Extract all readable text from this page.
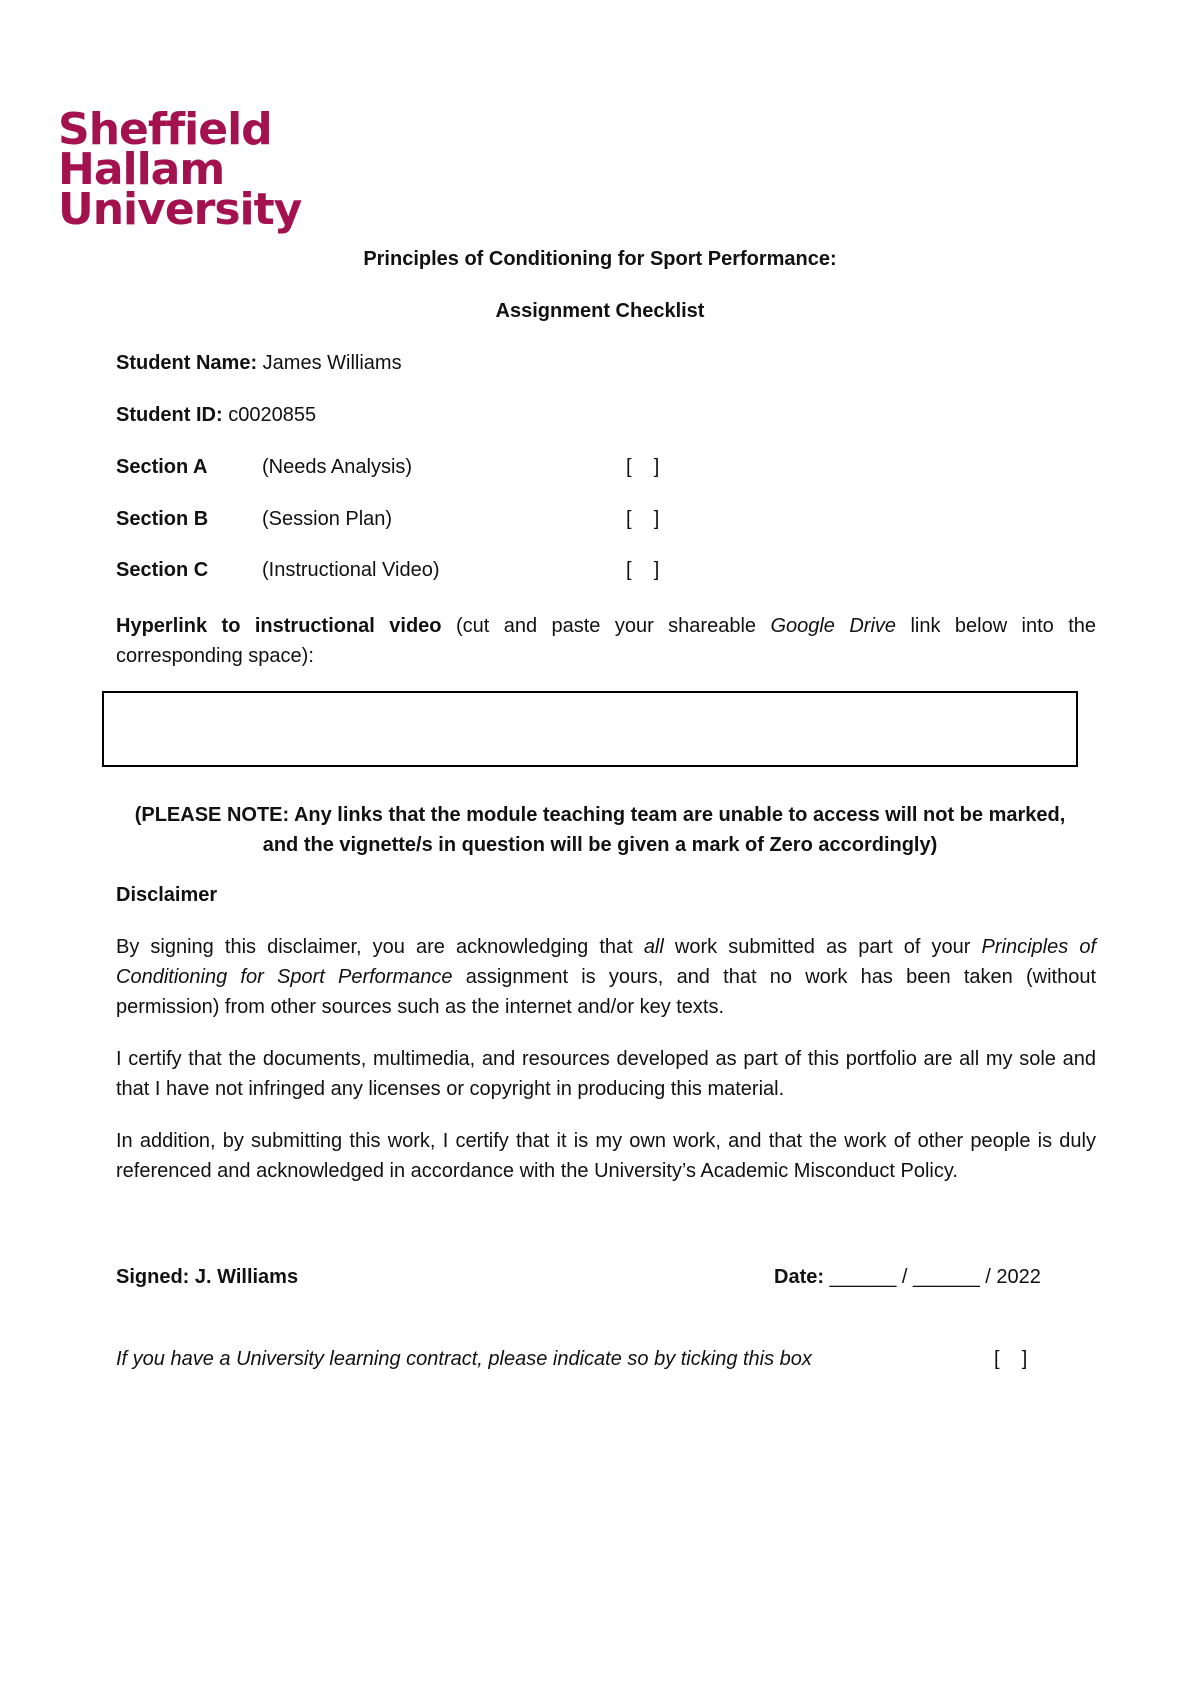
Sheffield
Hallam
University
Principles of Conditioning for Sport Performance:
Assignment Checklist
Student Name: James Williams
Student ID: c0020855
Section A	(Needs Analysis)	[    ]
Section B	(Session Plan)	[    ]
Section C	(Instructional Video)	[    ]
Hyperlink to instructional video (cut and paste your shareable Google Drive link below into the corresponding space):
(PLEASE NOTE: Any links that the module teaching team are unable to access will not be marked,
and the vignette/s in question will be given a mark of Zero accordingly)
Disclaimer
By signing this disclaimer, you are acknowledging that all work submitted as part of your Principles of Conditioning for Sport Performance assignment is yours, and that no work has been taken (without permission) from other sources such as the internet and/or key texts.
I certify that the documents, multimedia, and resources developed as part of this portfolio are all my sole and that I have not infringed any licenses or copyright in producing this material.
In addition, by submitting this work, I certify that it is my own work, and that the work of other people is duly referenced and acknowledged in accordance with the University’s Academic Misconduct Policy.
Signed: J. Williams	Date: ______ / ______ / 2022
If you have a University learning contract, please indicate so by ticking this box	[    ]
